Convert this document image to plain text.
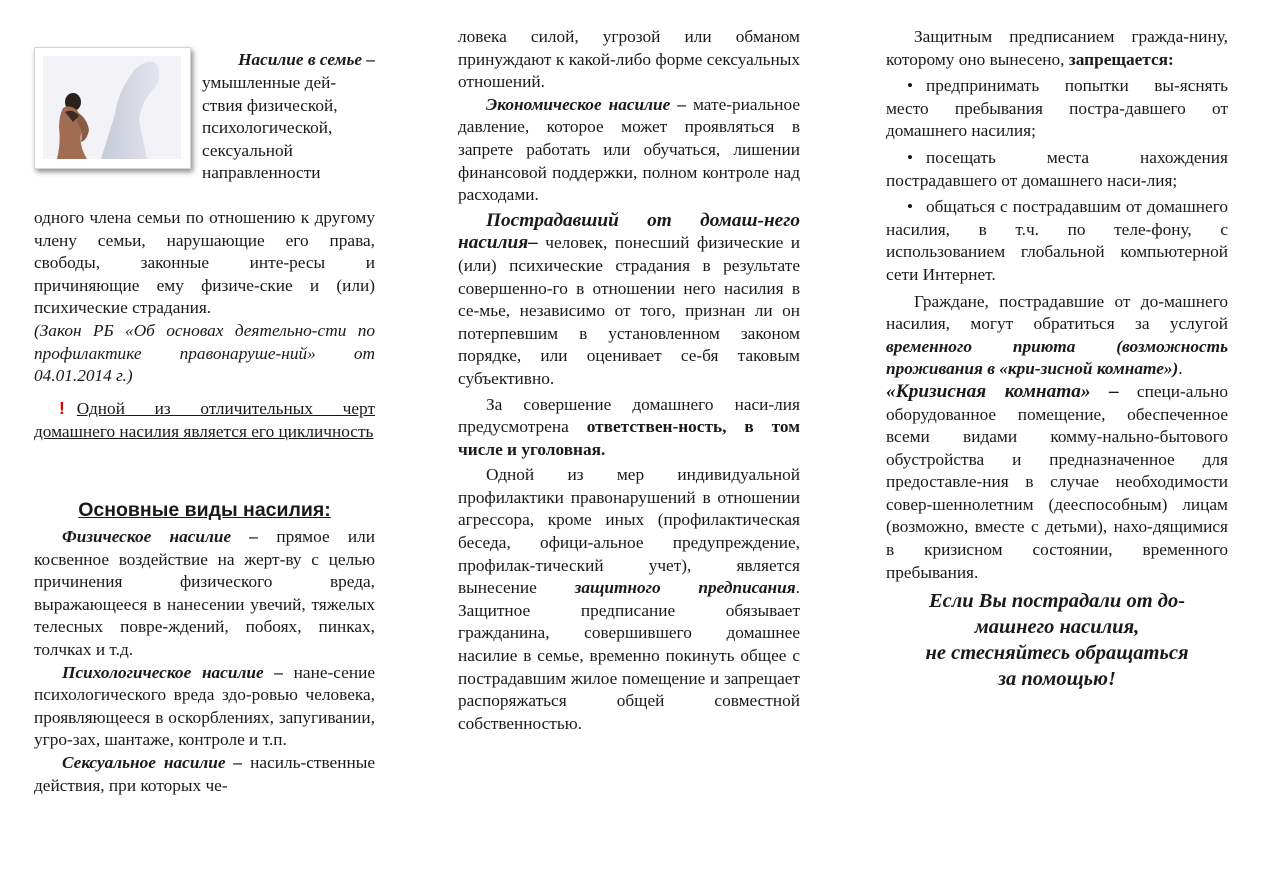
Насилие в семье –
умышленные дей-
ствия физической,
психологической,
сексуальной
направленности

одного члена семьи по отношению к другому члену семьи, нарушающие его права, свободы, законные инте-ресы и причиняющие ему физиче-ские и (или) психические страдания.

(Закон РБ «Об основах деятельно-сти по профилактике правонаруше-ний» от 04.01.2014 г.)

! Одной из отличительных черт домашнего насилия является его цикличность
Основные виды насилия:

Физическое насилие – прямое или косвенное воздействие на жерт-ву с целью причинения физического вреда, выражающееся в нанесении увечий, тяжелых телесных повре-ждений, побоях, пинках, толчках и т.д.

Психологическое насилие – нане-сение психологического вреда здо-ровью человека, проявляющееся в оскорблениях, запугивании, угро-зах, шантаже, контроле и т.п.

Сексуальное насилие – насиль-ственные действия, при которых че-

ловека силой, угрозой или обманом принуждают к какой-либо форме сексуальных отношений.

Экономическое насилие – мате-риальное давление, которое может проявляться в запрете работать или обучаться, лишении финансовой поддержки, полном контроле над расходами.

Пострадавший от домаш-него насилия– человек, понесший физические и (или) психические страдания в результате совершенно-го в отношении него насилия в се-мье, независимо от того, признан ли он потерпевшим в установленном законом порядке, или оценивает се-бя таковым субъективно.

За совершение домашнего наси-лия предусмотрена ответствен-ность, в том числе и уголовная.

Одной из мер индивидуальной профилактики правонарушений в отношении агрессора, кроме иных (профилактическая беседа, офици-альное предупреждение, профилак-тический учет), является вынесение защитного предписания. Защитное предписание обязывает гражданина, совершившего домашнее насилие в семье, временно покинуть общее с пострадавшим жилое помещение и запрещает распоряжаться общей совместной собственностью.

Защитным предписанием гражда-нину, которому оно вынесено, запрещается:

• предпринимать попытки вы-яснять место пребывания постра-давшего от домашнего насилия;

• посещать места нахождения пострадавшего от домашнего наси-лия;

• общаться с пострадавшим от домашнего насилия, в т.ч. по теле-фону, с использованием глобальной компьютерной сети Интернет.

Граждане, пострадавшие от до-машнего насилия, могут обратиться за услугой временного приюта (возможность проживания в «кри-зисной комнате»).

«Кризисная комната» – специ-ально оборудованное помещение, обеспеченное всеми видами комму-нально-бытового обустройства и предназначенное для предоставле-ния в случае необходимости совер-шеннолетним (дееспособным) лицам (возможно, вместе с детьми), нахо-дящимися в кризисном состоянии, временного пребывания.

Если Вы пострадали от до-
машнего насилия,
не стесняйтесь обращаться
за помощью!
